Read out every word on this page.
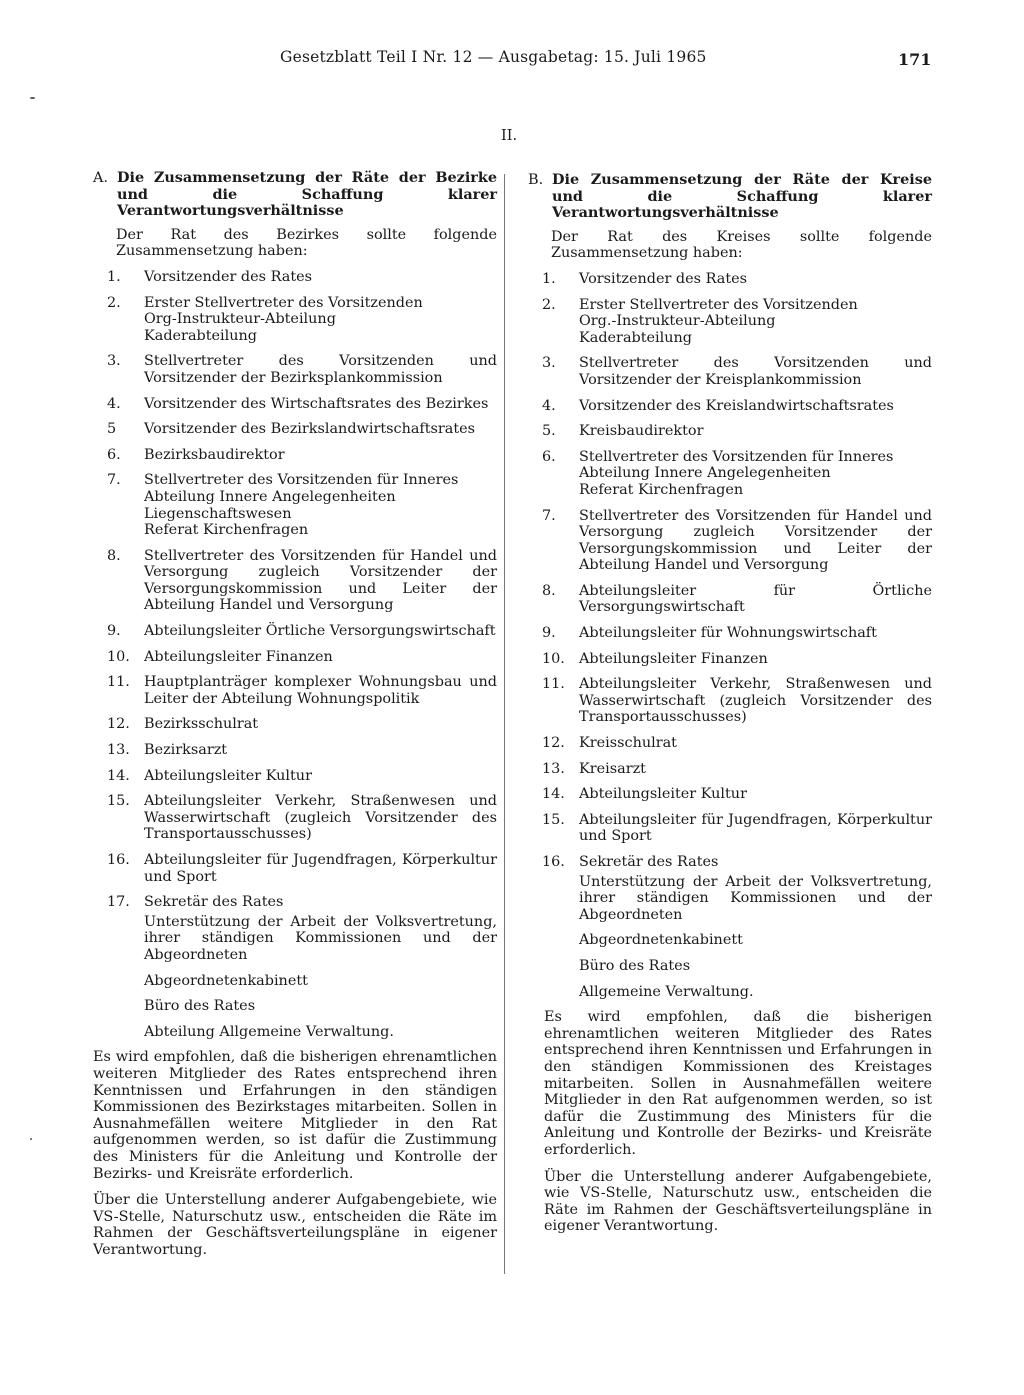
Gesetzblatt Teil I Nr. 12 — Ausgabetag: 15. Juli 1965	171
II.
A. Die Zusammensetzung der Räte der Bezirke und die Schaffung klarer Verantwortungsverhältnisse
Der Rat des Bezirkes sollte folgende Zusammensetzung haben:
1.	Vorsitzender des Rates
2.	Erster Stellvertreter des Vorsitzenden
Org-Instrukteur-Abteilung
Kaderabteilung
3.	Stellvertreter des Vorsitzenden und Vorsitzender der Bezirksplankommission
4.	Vorsitzender des Wirtschaftsrates des Bezirkes
5	Vorsitzender des Bezirkslandwirtschaftsrates
6.	Bezirksbaudirektor
7.	Stellvertreter des Vorsitzenden für Inneres
Abteilung Innere Angelegenheiten
Liegenschaftswesen
Referat Kirchenfragen
8.	Stellvertreter des Vorsitzenden für Handel und Versorgung zugleich Vorsitzender der Versorgungskommission und Leiter der Abteilung Handel und Versorgung
9.	Abteilungsleiter Örtliche Versorgungswirtschaft
10. Abteilungsleiter Finanzen
11. Hauptplanträger komplexer Wohnungsbau und Leiter der Abteilung Wohnungspolitik
12. Bezirksschulrat
13. Bezirksarzt
14. Abteilungsleiter Kultur
15. Abteilungsleiter Verkehr, Straßenwesen und Wasserwirtschaft (zugleich Vorsitzender des Transportausschusses)
16. Abteilungsleiter für Jugendfragen, Körperkultur und Sport
17. Sekretär des Rates
Unterstützung der Arbeit der Volksvertretung, ihrer ständigen Kommissionen und der Abgeordneten
Abgeordnetenkabinett
Büro des Rates
Abteilung Allgemeine Verwaltung.
Es wird empfohlen, daß die bisherigen ehrenamtlichen weiteren Mitglieder des Rates entsprechend ihren Kenntnissen und Erfahrungen in den ständigen Kommissionen des Bezirkstages mitarbeiten. Sollen in Ausnahmefällen weitere Mitglieder in den Rat aufgenommen werden, so ist dafür die Zustimmung des Ministers für die Anleitung und Kontrolle der Bezirks- und Kreisräte erforderlich.
Über die Unterstellung anderer Aufgabengebiete, wie VS-Stelle, Naturschutz usw., entscheiden die Räte im Rahmen der Geschäftsverteilungspläne in eigener Verantwortung.
B. Die Zusammensetzung der Räte der Kreise und die Schaffung klarer Verantwortungsverhältnisse
Der Rat des Kreises sollte folgende Zusammensetzung haben:
1.	Vorsitzender des Rates
2.	Erster Stellvertreter des Vorsitzenden
Org.-Instrukteur-Abteilung
Kaderabteilung
3.	Stellvertreter des Vorsitzenden und Vorsitzender der Kreisplankommission
4.	Vorsitzender des Kreislandwirtschaftsrates
5.	Kreisbaudirektor
6.	Stellvertreter des Vorsitzenden für Inneres
Abteilung Innere Angelegenheiten
Referat Kirchenfragen
7.	Stellvertreter des Vorsitzenden für Handel und Versorgung zugleich Vorsitzender der Versorgungskommission und Leiter der Abteilung Handel und Versorgung
8.	Abteilungsleiter für Örtliche Versorgungswirtschaft
9.	Abteilungsleiter für Wohnungswirtschaft
10. Abteilungsleiter Finanzen
11. Abteilungsleiter Verkehr, Straßenwesen und Wasserwirtschaft (zugleich Vorsitzender des Transportausschusses)
12. Kreisschulrat
13. Kreisarzt
14. Abteilungsleiter Kultur
15. Abteilungsleiter für Jugendfragen, Körperkultur und Sport
16. Sekretär des Rates
Unterstützung der Arbeit der Volksvertretung, ihrer ständigen Kommissionen und der Abgeordneten
Abgeordnetenkabinett
Büro des Rates
Allgemeine Verwaltung.
Es wird empfohlen, daß die bisherigen ehrenamtlichen weiteren Mitglieder des Rates entsprechend ihren Kenntnissen und Erfahrungen in den ständigen Kommissionen des Kreistages mitarbeiten. Sollen in Ausnahmefällen weitere Mitglieder in den Rat aufgenommen werden, so ist dafür die Zustimmung des Ministers für die Anleitung und Kontrolle der Bezirks- und Kreisräte erforderlich.
Über die Unterstellung anderer Aufgabengebiete, wie VS-Stelle, Naturschutz usw., entscheiden die Räte im Rahmen der Geschäftsverteilungspläne in eigener Verantwortung.
